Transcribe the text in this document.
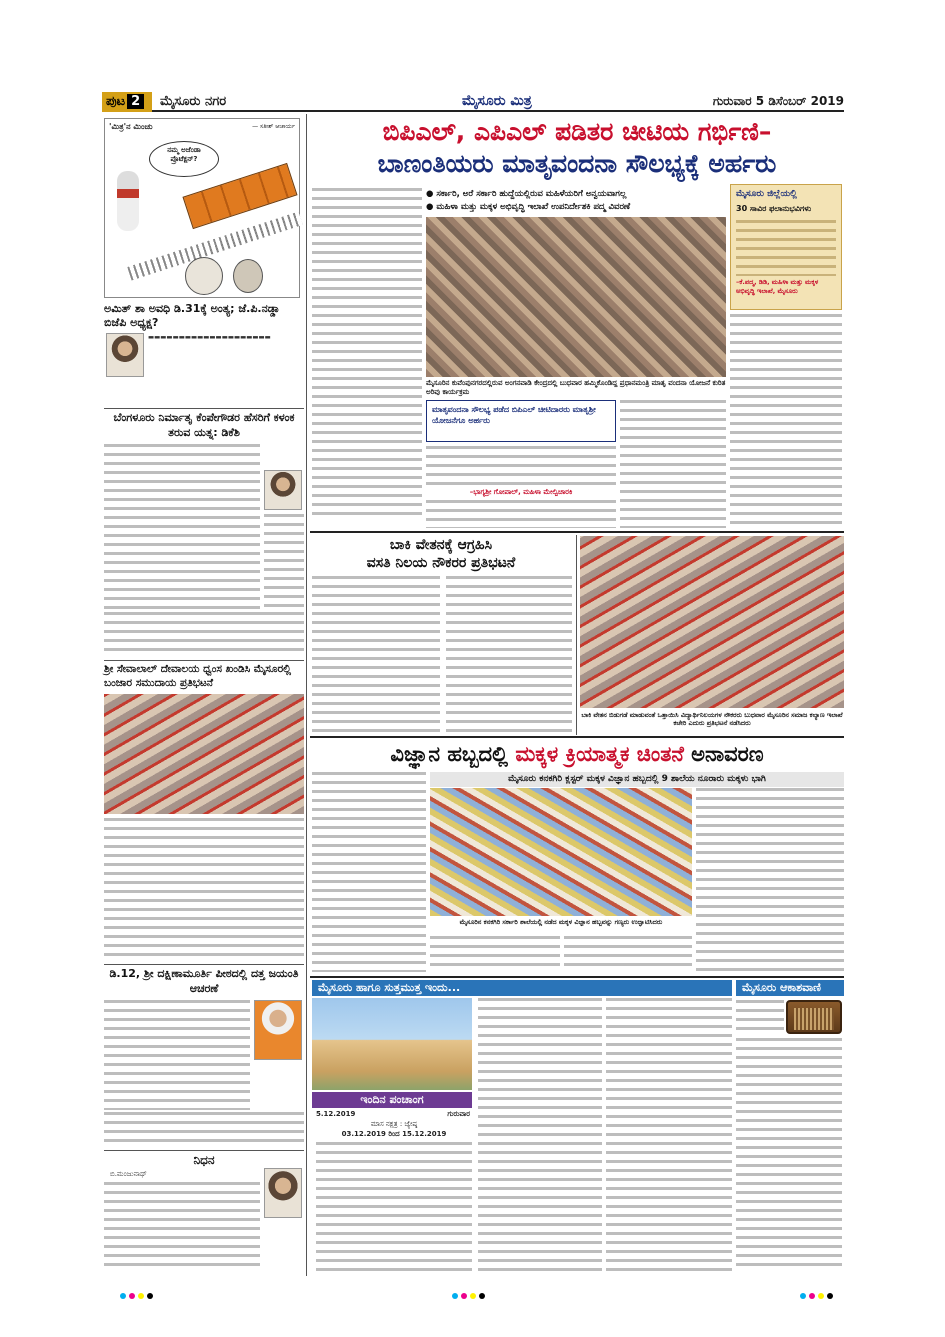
ಪುಟ 2	ಮೈಸೂರು ನಗರ	ಮೈಸೂರು ಮಿತ್ರ	ಗುರುವಾರ 5 ಡಿಸೆಂಬರ್ 2019
'ಮಿತ್ರ'ನ ಮಿಂಚು	— ಸತೀಶ್ ಆಚಾರ್ಯ
ನಮ್ಮ ಅಜೆಂಡಾ ಪ್ರೊಟೆಕ್ಷನ್?
ಅಮಿತ್ ಶಾ ಅವಧಿ ಡಿ.31ಕ್ಕೆ ಅಂತ್ಯ; ಜೆ.ಪಿ.ನಡ್ಡಾ ಬಿಜೆಪಿ ಅಧ್ಯಕ್ಷ?
▬▬▬▬▬▬▬▬▬▬▬▬▬▬▬▬▬▬▬▬
ಬೆಂಗಳೂರು ನಿರ್ಮಾತೃ ಕೆಂಪೇಗೌಡರ ಹೆಸರಿಗೆ ಕಳಂಕ ತರುವ ಯತ್ನ: ಡಿಕೆಶಿ
ಶ್ರೀ ಸೇವಾಲಾಲ್ ದೇವಾಲಯ ಧ್ವಂಸ ಖಂಡಿಸಿ ಮೈಸೂರಲ್ಲಿ ಬಂಜಾರ ಸಮುದಾಯ ಪ್ರತಿಭಟನೆ
ಡಿ.12, ಶ್ರೀ ದಕ್ಷಿಣಾಮೂರ್ತಿ ಪೀಠದಲ್ಲಿ ದತ್ತ ಜಯಂತಿ ಆಚರಣೆ
ನಿಧನ
ಬಿ.ಮಂಜುನಾಥ್
ಬಿಪಿಎಲ್, ಎಪಿಎಲ್ ಪಡಿತರ ಚೀಟಿಯ ಗರ್ಭಿಣಿ–
ಬಾಣಂತಿಯರು ಮಾತೃವಂದನಾ ಸೌಲಭ್ಯಕ್ಕೆ ಅರ್ಹರು
● ಸರ್ಕಾರಿ, ಅರೆ ಸರ್ಕಾರಿ ಹುದ್ದೆಯಲ್ಲಿರುವ ಮಹಿಳೆಯರಿಗೆ ಅನ್ವಯವಾಗಲ್ಲ
● ಮಹಿಳಾ ಮತ್ತು ಮಕ್ಕಳ ಅಭಿವೃದ್ಧಿ ಇಲಾಖೆ ಉಪನಿರ್ದೇಶಕಿ ಪದ್ಮ ವಿವರಣೆ
ಮೈಸೂರಿನ ಕುವೆಂಪುನಗರದಲ್ಲಿರುವ ಅಂಗನವಾಡಿ ಕೇಂದ್ರದಲ್ಲಿ ಬುಧವಾರ ಹಮ್ಮಿಕೊಂಡಿದ್ದ ಪ್ರಧಾನಮಂತ್ರಿ ಮಾತೃ ವಂದನಾ ಯೋಜನೆ ಕುರಿತ ಅರಿವು ಕಾರ್ಯಕ್ರಮ
ಮೈಸೂರು ಜಿಲ್ಲೆಯಲ್ಲಿ
30 ಸಾವಿರ ಫಲಾನುಭವಿಗಳು
–ಕೆ.ಪದ್ಮ, ಡಿಡಿ, ಮಹಿಳಾ ಮತ್ತು ಮಕ್ಕಳ ಅಭಿವೃದ್ಧಿ ಇಲಾಖೆ, ಮೈಸೂರು
ಮಾತೃವಂದನಾ ಸೌಲಭ್ಯ ಪಡೆದ ಬಿಪಿಎಲ್ ಚೀಟಿದಾರರು ಮಾತೃಶ್ರೀ ಯೋಜನೆಗೂ ಅರ್ಹರು
–ಭಾಗ್ಯಶ್ರೀ ಗೋಪಾಲ್, ಮಹಿಳಾ ಮೇಲ್ವಿಚಾರಕಿ
ಬಾಕಿ ವೇತನಕ್ಕೆ ಆಗ್ರಹಿಸಿ
ವಸತಿ ನಿಲಯ ನೌಕರರ ಪ್ರತಿಭಟನೆ
ಬಾಕಿ ವೇತನ ಬಿಡುಗಡೆ ಮಾಡುವಂತೆ ಒತ್ತಾಯಿಸಿ ವಿದ್ಯಾರ್ಥಿನಿಲಯಗಳ ನೌಕರರು ಬುಧವಾರ ಮೈಸೂರಿನ ಸಮಾಜ ಕಲ್ಯಾಣ ಇಲಾಖೆ ಕಚೇರಿ ಎದುರು ಪ್ರತಿಭಟನೆ ನಡೆಸಿದರು
ವಿಜ್ಞಾನ ಹಬ್ಬದಲ್ಲಿ ಮಕ್ಕಳ ಕ್ರಿಯಾತ್ಮಕ ಚಿಂತನೆ ಅನಾವರಣ
ಮೈಸೂರು ಕನಕಗಿರಿ ಕ್ಲಸ್ಟರ್ ಮಕ್ಕಳ ವಿಜ್ಞಾನ ಹಬ್ಬದಲ್ಲಿ 9 ಶಾಲೆಯ ನೂರಾರು ಮಕ್ಕಳು ಭಾಗಿ
ಮೈಸೂರಿನ ಕನಕಗಿರಿ ಸರ್ಕಾರಿ ಶಾಲೆಯಲ್ಲಿ ನಡೆದ ಮಕ್ಕಳ ವಿಜ್ಞಾನ ಹಬ್ಬವನ್ನು ಗಣ್ಯರು ಉದ್ಘಾಟಿಸಿದರು
ಮೈಸೂರು ಹಾಗೂ ಸುತ್ತಮುತ್ತ ಇಂದು...
ಇಂದಿನ ಪಂಚಾಂಗ
5.12.2019	ಗುರುವಾರ
ಮಾಸ ನಕ್ಷತ್ರ : ಜ್ಯೇಷ್ಠ
03.12.2019 ರಿಂದ 15.12.2019
ಮೈಸೂರು ಆಕಾಶವಾಣಿ
